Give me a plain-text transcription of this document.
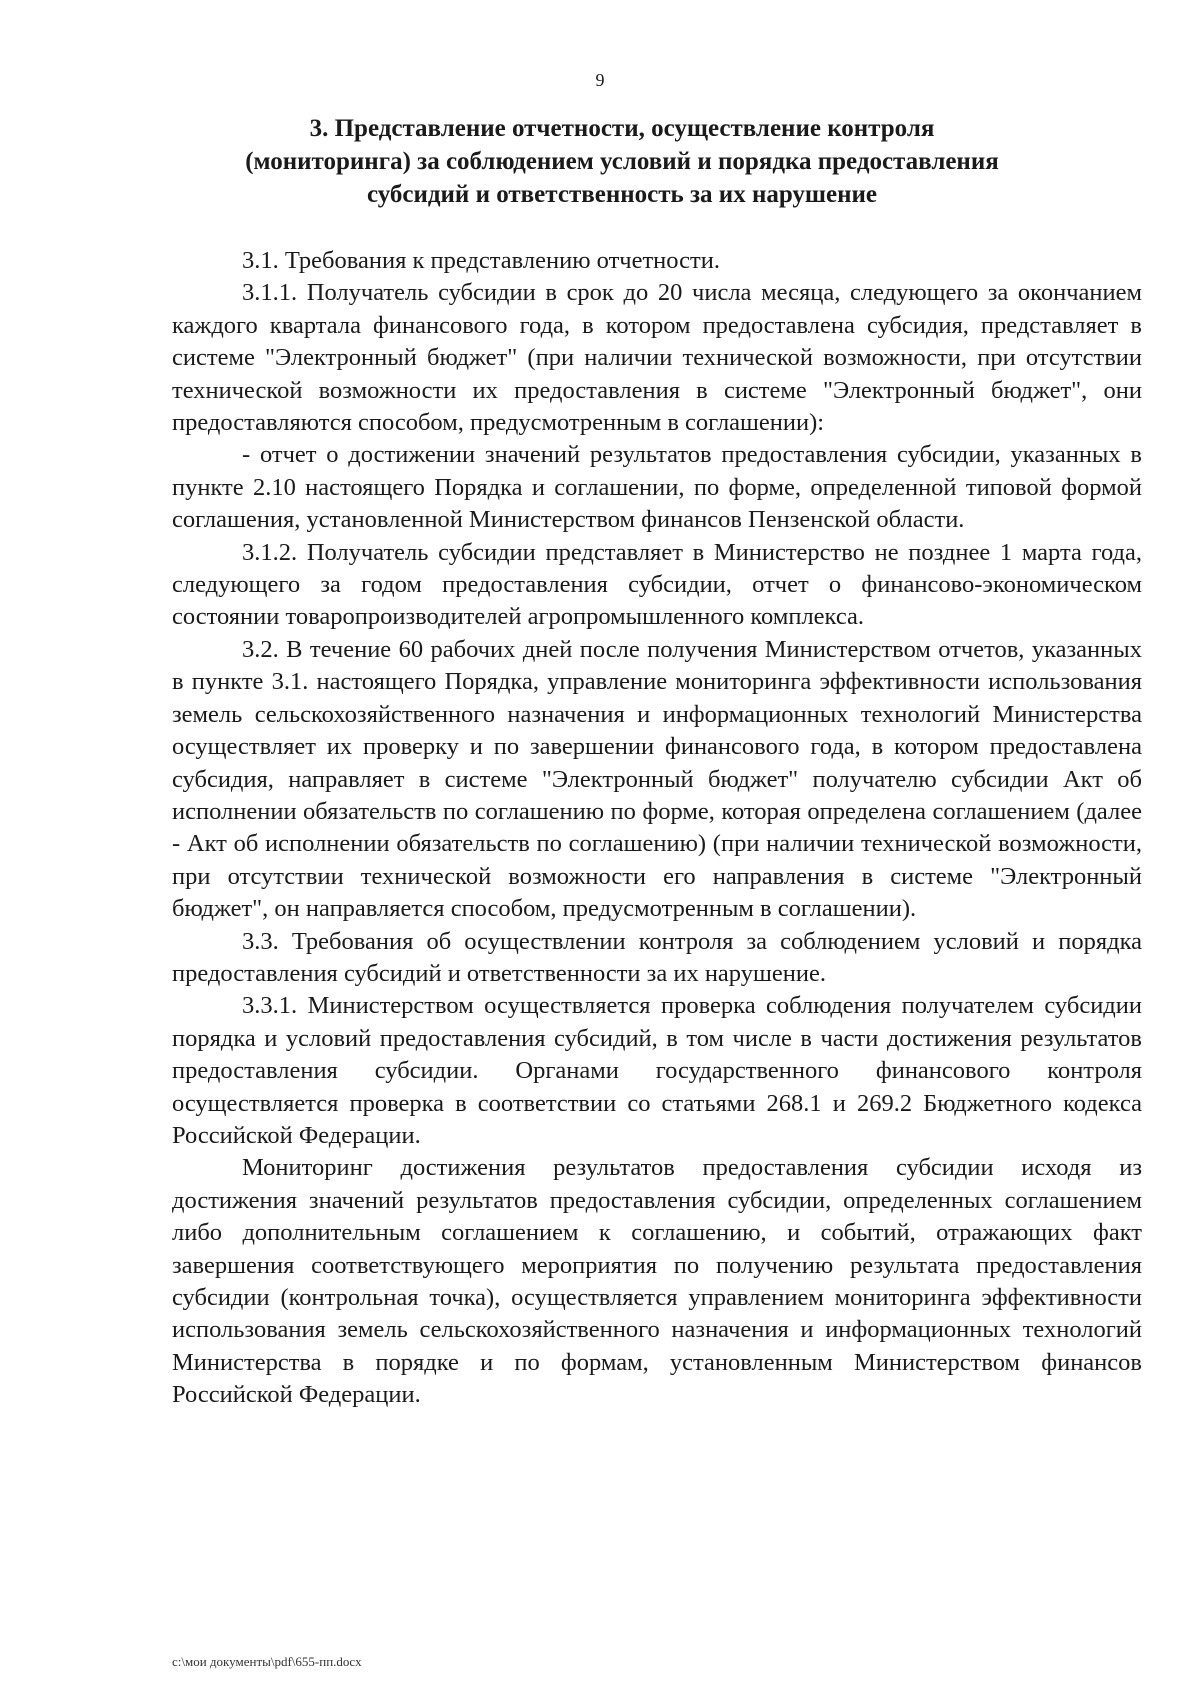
9
3. Представление отчетности, осуществление контроля
(мониторинга) за соблюдением условий и порядка предоставления
субсидий и ответственность за их нарушение

3.1. Требования к представлению отчетности.

3.1.1. Получатель субсидии в срок до 20 числа месяца, следующего за окончанием каждого квартала финансового года, в котором предоставлена субсидия, представляет в системе "Электронный бюджет" (при наличии технической возможности, при отсутствии технической возможности их предоставления в системе "Электронный бюджет", они предоставляются способом, предусмотренным в соглашении):

- отчет о достижении значений результатов предоставления субсидии, указанных в пункте 2.10 настоящего Порядка и соглашении, по форме, определенной типовой формой соглашения, установленной Министерством финансов Пензенской области.

3.1.2. Получатель субсидии представляет в Министерство не позднее 1 марта года, следующего за годом предоставления субсидии, отчет о финансово-экономическом состоянии товаропроизводителей агропромышленного комплекса.

3.2. В течение 60 рабочих дней после получения Министерством отчетов, указанных в пункте 3.1. настоящего Порядка, управление мониторинга эффективности использования земель сельскохозяйственного назначения и информационных технологий Министерства осуществляет их проверку и по завершении финансового года, в котором предоставлена субсидия, направляет в системе "Электронный бюджет" получателю субсидии Акт об исполнении обязательств по соглашению по форме, которая определена соглашением (далее - Акт об исполнении обязательств по соглашению) (при наличии технической возможности, при отсутствии технической возможности его направления в системе "Электронный бюджет", он направляется способом, предусмотренным в соглашении).

3.3. Требования об осуществлении контроля за соблюдением условий и порядка предоставления субсидий и ответственности за их нарушение.

3.3.1. Министерством осуществляется проверка соблюдения получателем субсидии порядка и условий предоставления субсидий, в том числе в части достижения результатов предоставления субсидии. Органами государственного финансового контроля осуществляется проверка в соответствии со статьями 268.1 и 269.2 Бюджетного кодекса Российской Федерации.

Мониторинг достижения результатов предоставления субсидии исходя из достижения значений результатов предоставления субсидии, определенных соглашением либо дополнительным соглашением к соглашению, и событий, отражающих факт завершения соответствующего мероприятия по получению результата предоставления субсидии (контрольная точка), осуществляется управлением мониторинга эффективности использования земель сельскохозяйственного назначения и информационных технологий Министерства в порядке и по формам, установленным Министерством финансов Российской Федерации.

c:\мои документы\pdf\655-пп.docx
